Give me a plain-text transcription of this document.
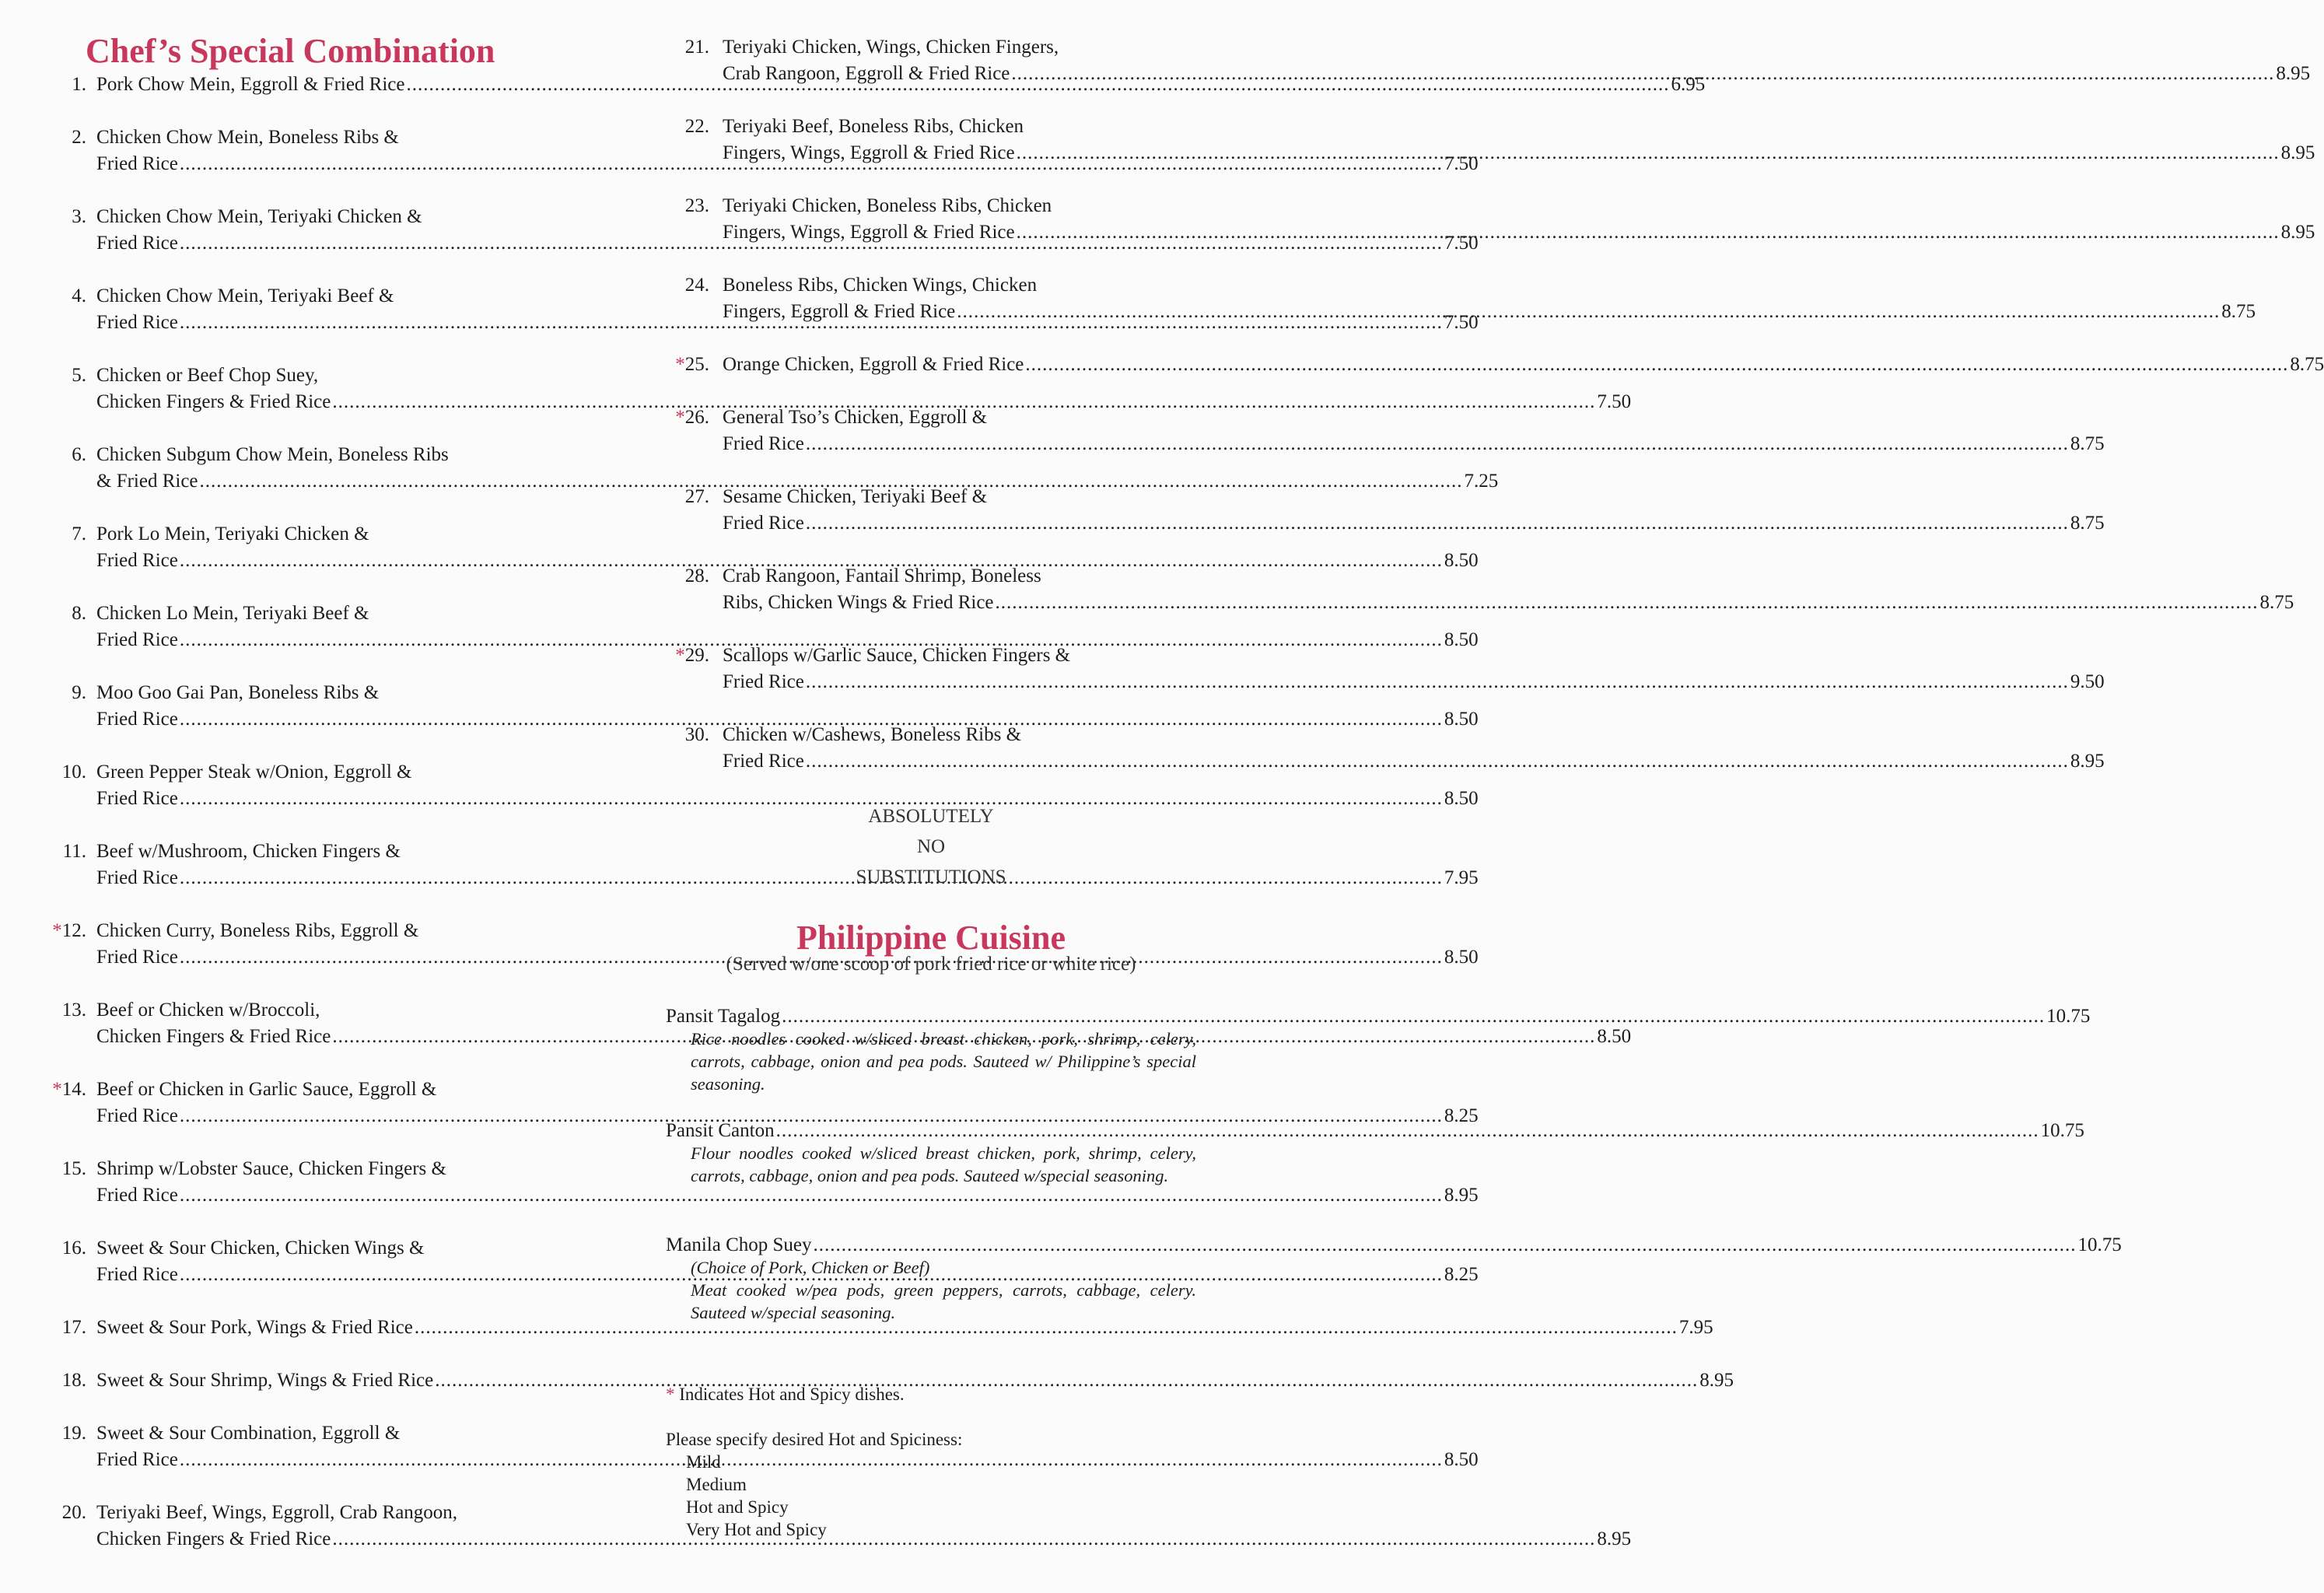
Chef’s Special Combination
1. Pork Chow Mein, Eggroll & Fried Rice .....	6.95
2. Chicken Chow Mein, Boneless Ribs &
Fried Rice .....	7.50
3. Chicken Chow Mein, Teriyaki Chicken &
Fried Rice .....	7.50
4. Chicken Chow Mein, Teriyaki Beef &
Fried Rice .....	7.50
5. Chicken or Beef Chop Suey,
Chicken Fingers & Fried Rice .....	7.50
6. Chicken Subgum Chow Mein, Boneless Ribs
& Fried Rice .....	7.25
7. Pork Lo Mein, Teriyaki Chicken &
Fried Rice .....	8.50
8. Chicken Lo Mein, Teriyaki Beef &
Fried Rice .....	8.50
9. Moo Goo Gai Pan, Boneless Ribs &
Fried Rice .....	8.50
10. Green Pepper Steak w/Onion, Eggroll &
Fried Rice .....	8.50
11. Beef w/Mushroom, Chicken Fingers &
Fried Rice .....	7.95
*12. Chicken Curry, Boneless Ribs, Eggroll &
Fried Rice .....	8.50
13. Beef or Chicken w/Broccoli,
Chicken Fingers & Fried Rice .....	8.50
*14. Beef or Chicken in Garlic Sauce, Eggroll &
Fried Rice .....	8.25
15. Shrimp w/Lobster Sauce, Chicken Fingers &
Fried Rice .....	8.95
16. Sweet & Sour Chicken, Chicken Wings &
Fried Rice .....	8.25
17. Sweet & Sour Pork, Wings & Fried Rice .....	7.95
18. Sweet & Sour Shrimp, Wings & Fried Rice .....	8.95
19. Sweet & Sour Combination, Eggroll &
Fried Rice .....	8.50
20. Teriyaki Beef, Wings, Eggroll, Crab Rangoon,
Chicken Fingers & Fried Rice .....	8.95
21. Teriyaki Chicken, Wings, Chicken Fingers,
Crab Rangoon, Eggroll & Fried Rice .....	8.95
22. Teriyaki Beef, Boneless Ribs, Chicken
Fingers, Wings, Eggroll & Fried Rice .....	8.95
23. Teriyaki Chicken, Boneless Ribs, Chicken
Fingers, Wings, Eggroll & Fried Rice .....	8.95
24. Boneless Ribs, Chicken Wings, Chicken
Fingers, Eggroll & Fried Rice .....	8.75
*25. Orange Chicken, Eggroll & Fried Rice .....	8.75
*26. General Tso’s Chicken, Eggroll &
Fried Rice .....	8.75
27. Sesame Chicken, Teriyaki Beef &
Fried Rice .....	8.75
28. Crab Rangoon, Fantail Shrimp, Boneless
Ribs, Chicken Wings & Fried Rice .....	8.75
*29. Scallops w/Garlic Sauce, Chicken Fingers &
Fried Rice .....	9.50
30. Chicken w/Cashews, Boneless Ribs &
Fried Rice .....	8.95
ABSOLUTELY
NO
SUBSTITUTIONS
Philippine Cuisine
(Served w/one scoop of pork fried rice or white rice)
Pansit Tagalog .....	10.75
Rice noodles cooked w/sliced breast chicken, pork, shrimp, celery, carrots, cabbage, onion and pea pods. Sauteed w/ Philippine’s special seasoning.
Pansit Canton .....	10.75
Flour noodles cooked w/sliced breast chicken, pork, shrimp, celery, carrots, cabbage, onion and pea pods. Sauteed w/special seasoning.
Manila Chop Suey .....	10.75
(Choice of Pork, Chicken or Beef)
Meat cooked w/pea pods, green peppers, carrots, cabbage, celery. Sauteed w/special seasoning.
* Indicates Hot and Spicy dishes.
Please specify desired Hot and Spiciness:
Mild
Medium
Hot and Spicy
Very Hot and Spicy
